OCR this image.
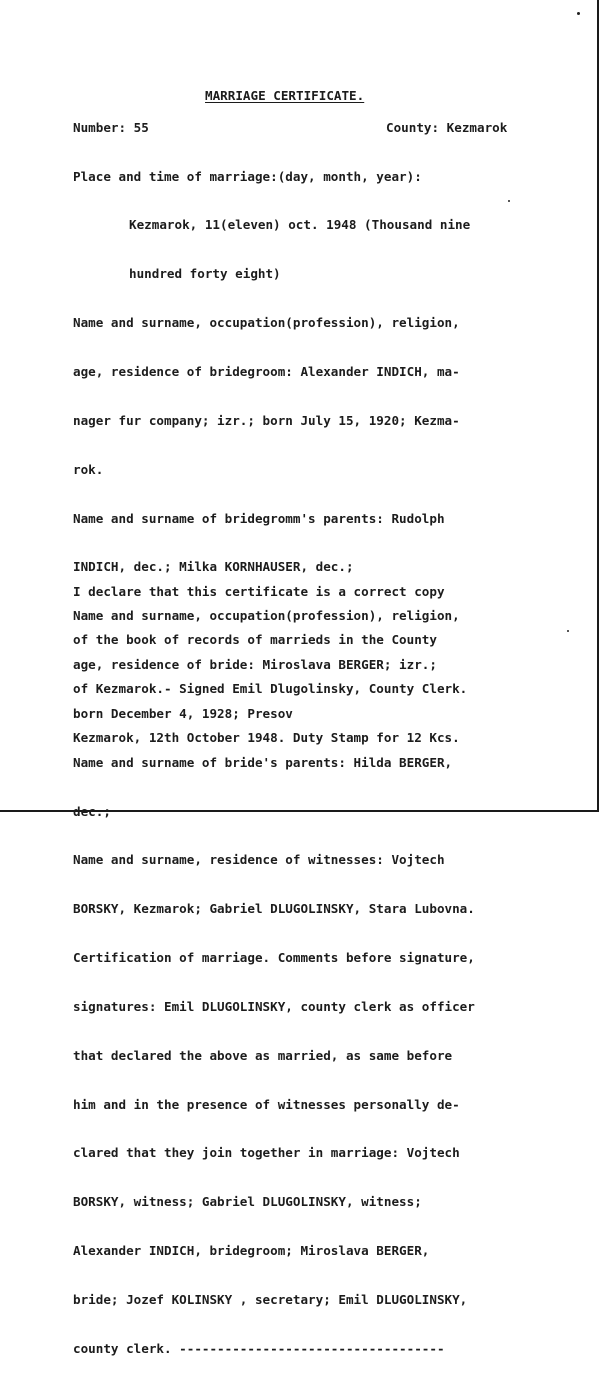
MARRIAGE CERTIFICATE.
Number: 55	County: Kezmarok

Place and time of marriage:(day, month, year):

Kezmarok, 11(eleven) oct. 1948 (Thousand nine

hundred forty eight)

Name and surname, occupation(profession), religion,

age, residence of bridegroom: Alexander INDICH, ma-

nager fur company; izr.; born July 15, 1920; Kezma-

rok.

Name and surname of bridegromm's parents: Rudolph

INDICH, dec.; Milka KORNHAUSER, dec.;

Name and surname, occupation(profession), religion,

age, residence of bride: Miroslava BERGER; izr.;

born December 4, 1928; Presov

Name and surname of bride's parents: Hilda BERGER,

dec.;

Name and surname, residence of witnesses: Vojtech

BORSKY, Kezmarok; Gabriel DLUGOLINSKY, Stara Lubovna.

Certification of marriage. Comments before signature,

signatures: Emil DLUGOLINSKY, county clerk as officer

that declared the above as married, as same before

him and in the presence of witnesses personally de-

clared that they join together in marriage: Vojtech

BORSKY, witness; Gabriel DLUGOLINSKY, witness;

Alexander INDICH, bridegroom; Miroslava BERGER,

bride; Jozef KOLINSKY , secretary; Emil DLUGOLINSKY,

county clerk. -----------------------------------

I declare that this certificate is a correct copy

of the book of records of marrieds in the County

of Kezmarok.- Signed Emil Dlugolinsky, County Clerk.

Kezmarok, 12th October 1948. Duty Stamp for 12 Kcs.
